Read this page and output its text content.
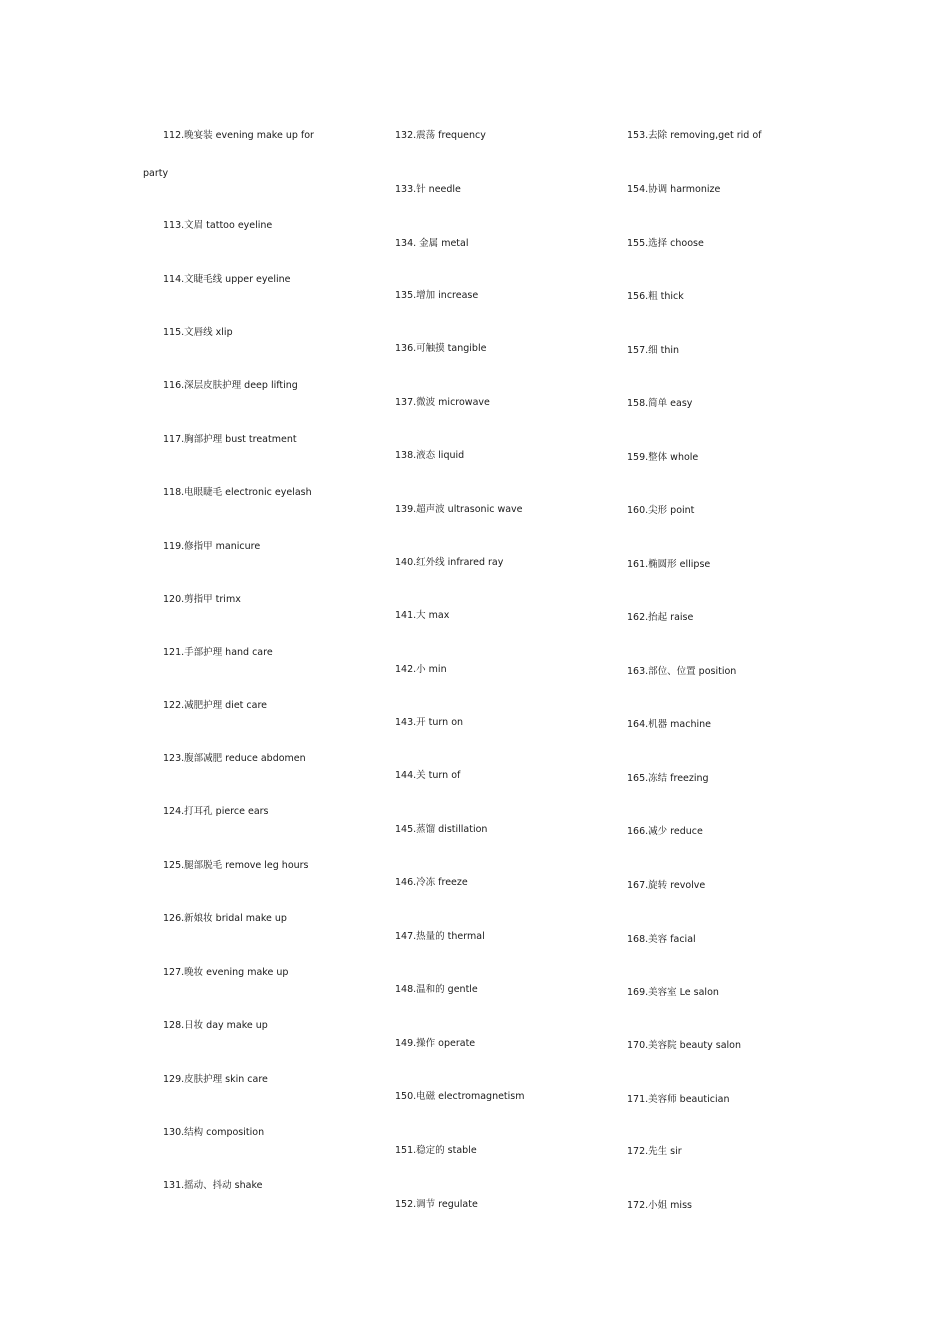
112.晚宴装 evening make up for
party
113.文眉 tattoo eyeline
114.文睫毛线 upper eyeline
115.文唇线 xlip
116.深层皮肤护理 deep lifting
117.胸部护理 bust treatment
118.电眼睫毛 electronic eyelash
119.修指甲 manicure
120.剪指甲 trimx
121.手部护理 hand care
122.减肥护理 diet care
123.腹部减肥 reduce abdomen
124.打耳孔 pierce ears
125.腿部脱毛 remove leg hours
126.新娘妆 bridal make up
127.晚妆 evening make up
128.日妆 day make up
129.皮肤护理 skin care
130.结构 composition
131.摇动、抖动 shake
132.震荡 frequency
133.针 needle
134. 金属 metal
135.增加 increase
136.可触摸 tangible
137.微波 microwave
138.液态 liquid
139.超声波 ultrasonic wave
140.红外线 infrared ray
141.大 max
142.小 min
143.开 turn on
144.关 turn of
145.蒸馏 distillation
146.冷冻 freeze
147.热量的 thermal
148.温和的 gentle
149.操作 operate
150.电磁 electromagnetism
151.稳定的 stable
152.调节 regulate
153.去除 removing,get rid of
154.协调 harmonize
155.选择 choose
156.粗 thick
157.细 thin
158.简单 easy
159.整体 whole
160.尖形 point
161.椭圆形 ellipse
162.抬起 raise
163.部位、位置 position
164.机器 machine
165.冻结 freezing
166.减少 reduce
167.旋转 revolve
168.美容 facial
169.美容室 Le salon
170.美容院 beauty salon
171.美容师 beautician
172.先生 sir
172.小姐 miss
